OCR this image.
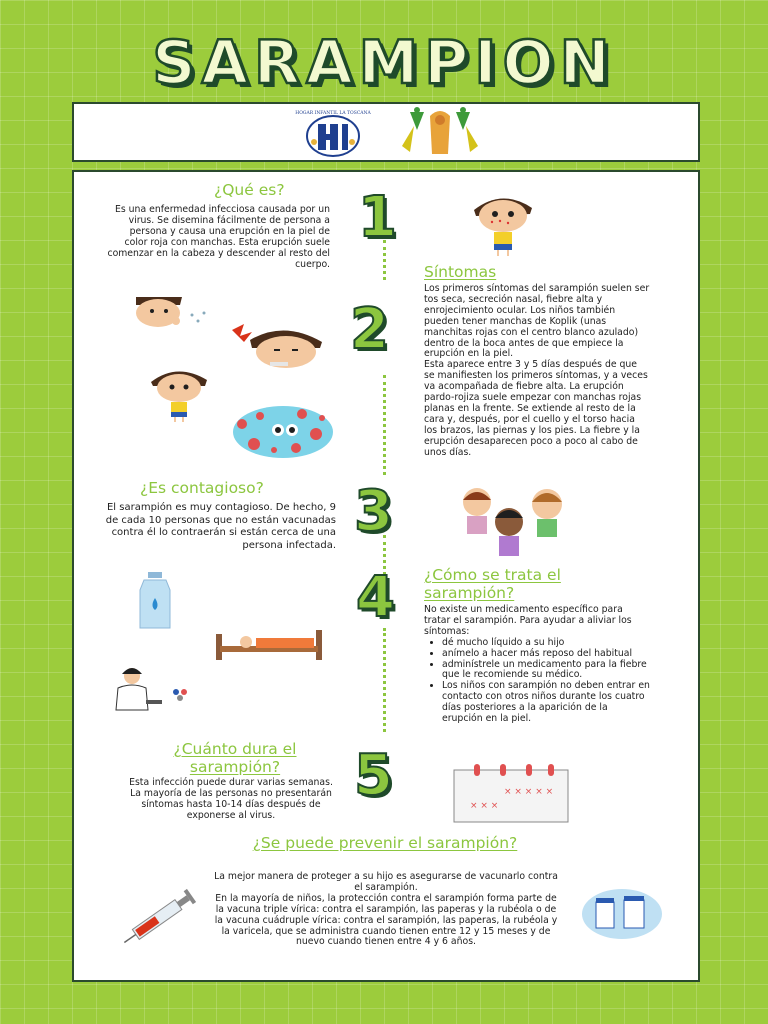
SARAMPION
HOGAR INFANTIL LA TOSCANA
¿Qué es?
Es una enfermedad infecciosa causada por un virus. Se disemina fácilmente de persona a persona y causa una erupción en la piel de color roja con manchas. Esta erupción suele comenzar en la cabeza y descender al resto del cuerpo.
1
Síntomas
Los primeros síntomas del sarampión suelen ser tos seca, secreción nasal, fiebre alta y enrojecimiento ocular. Los niños también pueden tener manchas de Koplik (unas manchitas rojas con el centro blanco azulado) dentro de la boca antes de que empiece la erupción en la piel.
Esta aparece entre 3 y 5 días después de que se manifiesten los primeros síntomas, y a veces va acompañada de fiebre alta. La erupción pardo-rojiza suele empezar con manchas rojas planas en la frente. Se extiende al resto de la cara y, después, por el cuello y el torso hacia los brazos, las piernas y los pies. La fiebre y la erupción desaparecen poco a poco al cabo de unos días.
2
¿Es contagioso?
El sarampión es muy contagioso. De hecho, 9 de cada 10 personas que no están vacunadas contra él lo contraerán si están cerca de una persona infectada.
3
¿Cómo se trata el sarampión?
No existe un medicamento específico para tratar el sarampión. Para ayudar a aliviar los síntomas:
• dé mucho líquido a su hijo
• anímelo a hacer más reposo del habitual
• adminístrele un medicamento para la fiebre que le recomiende su médico.
• Los niños con sarampión no deben entrar en contacto con otros niños durante los cuatro días posteriores a la aparición de la erupción en la piel.
4
¿Cuánto dura el sarampión?
Esta infección puede durar varias semanas. La mayoría de las personas no presentarán síntomas hasta 10-14 días después de exponerse al virus.
5	× × × × ×
× × ×
¿Se puede prevenir el sarampión?
La mejor manera de proteger a su hijo es asegurarse de vacunarlo contra el sarampión.
En la mayoría de niños, la protección contra el sarampión forma parte de la vacuna triple vírica: contra el sarampión, las paperas y la rubéola o de la vacuna cuádruple vírica: contra el sarampión, las paperas, la rubéola y la varicela, que se administra cuando tienen entre 12 y 15 meses y de nuevo cuando tienen entre 4 y 6 años.
